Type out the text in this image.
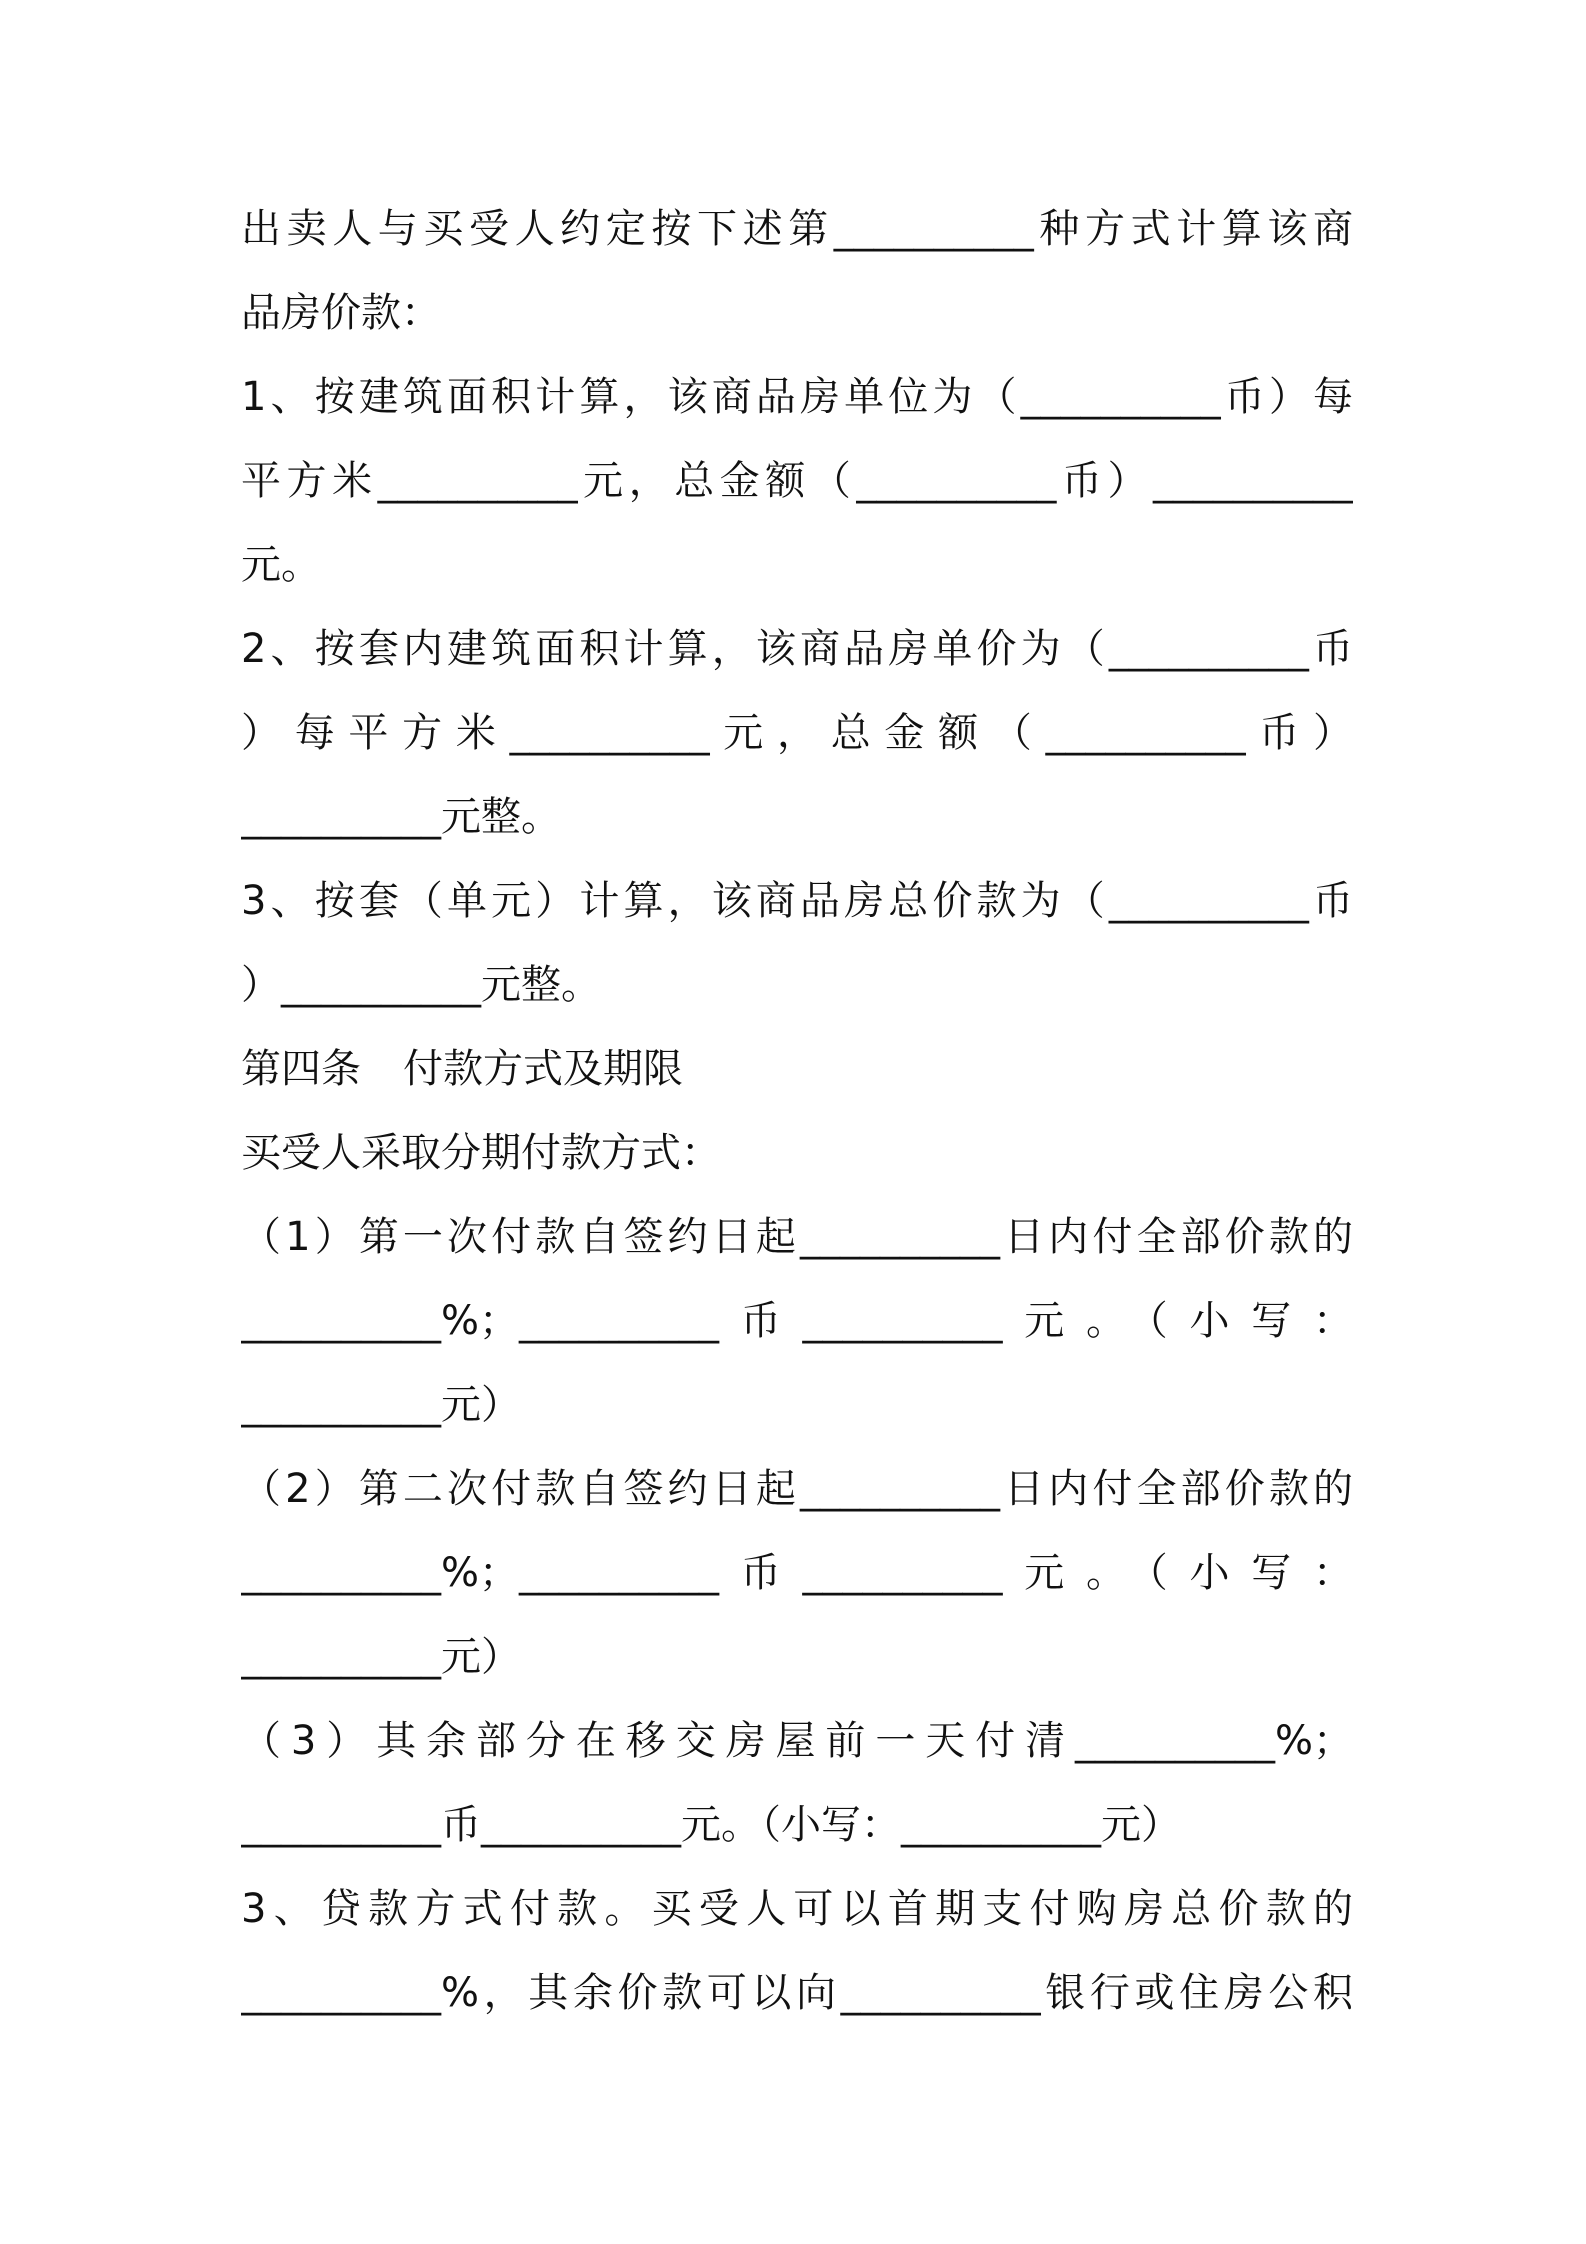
出卖人与买受人约定按下述第__________种方式计算该商
品房价款：
1、按建筑面积计算，该商品房单位为（__________币）每
平方米__________元，总金额（__________币）__________
元。
2、按套内建筑面积计算，该商品房单价为（__________币
）每平方米__________元，总金额（__________币）
__________元整。
3、按套（单元）计算，该商品房总价款为（__________币
）__________元整。
第四条 付款方式及期限
买受人采取分期付款方式：
（1）第一次付款自签约日起__________日内付全部价款的
__________%；__________币__________元。（小写：
__________元）
（2）第二次付款自签约日起__________日内付全部价款的
__________%；__________币__________元。（小写：
__________元）
（3）其余部分在移交房屋前一天付清__________%；
__________币__________元。（小写：__________元）
3、贷款方式付款。买受人可以首期支付购房总价款的
__________%，其余价款可以向__________银行或住房公积
